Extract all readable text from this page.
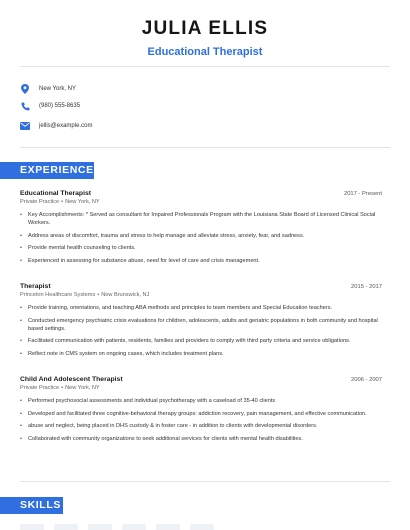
JULIA ELLIS
Educational Therapist
New York, NY
(980) 555-8635
jellis@example.com
EXPERIENCE
Educational Therapist	2017 - Present
Private Practice • New York, NY
• Key Accomplishments: * Served as consultant for Impaired Professionals Program with the Louisiana State Board of Licensed Clinical Social Workers.
• Address areas of discomfort, trauma and stress to help manage and alleviate stress, anxiety, fear, and sadness.
• Provide mental health counseling to clients.
• Experienced in assessing for substance abuse, need for level of care and crisis management.
Therapist	2015 - 2017
Princeton Healthcare Systems • New Brunswick, NJ
• Provide training, orientations, and teaching ABA methods and principles to team members and Special Education teachers.
• Conducted emergency psychiatric crisis evaluations for children, adolescents, adults and geriatric populations in both community and hospital based settings.
• Facilitated communication with patients, residents, families and providers to comply with third party criteria and service obligations.
• Reflect note in CMS system on ongoing cases, which includes treatment plans.
Child And Adolescent Therapist	2006 - 2007
Private Practice • New York, NY
• Performed psychosocial assessments and individual psychotherapy with a caseload of 35-40 clients
• Developed and facilitated three cognitive-behavioral therapy groups: addiction recovery, pain management, and effective communication.
• abuse and neglect, being placed in DHS custody & in foster care - in addition to clients with developmental disorders.
• Collaborated with community organizations to seek additional services for clients with mental health disabilities.
SKILLS
